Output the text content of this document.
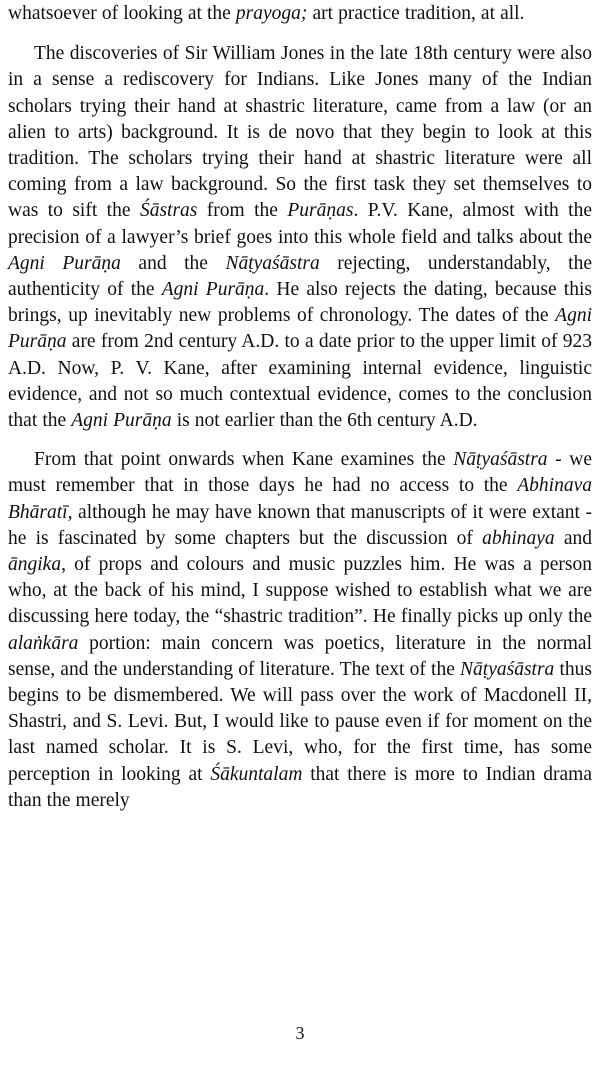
whatsoever of looking at the prayoga; art practice tradition, at all.

The discoveries of Sir William Jones in the late 18th century were also in a sense a rediscovery for Indians. Like Jones many of the Indian scholars trying their hand at shastric literature, came from a law (or an alien to arts) background. It is de novo that they begin to look at this tradition. The scholars trying their hand at shastric literature were all coming from a law background. So the first task they set themselves to was to sift the Śāstras from the Purāṇas. P.V. Kane, almost with the precision of a lawyer’s brief goes into this whole field and talks about the Agni Purāṇa and the Nāṭyaśāstra rejecting, understandably, the authenticity of the Agni Purāṇa. He also rejects the dating, because this brings, up inevitably new problems of chronology. The dates of the Agni Purāṇa are from 2nd century A.D. to a date prior to the upper limit of 923 A.D. Now, P. V. Kane, after examining internal evidence, linguistic evidence, and not so much contextual evidence, comes to the conclusion that the Agni Purāṇa is not earlier than the 6th century A.D.

From that point onwards when Kane examines the Nāṭyaśāstra - we must remember that in those days he had no access to the Abhinava Bhāratī, although he may have known that manuscripts of it were extant - he is fascinated by some chapters but the discussion of abhinaya and āngika, of props and colours and music puzzles him. He was a person who, at the back of his mind, I suppose wished to establish what we are discussing here today, the “shastric tradition”. He finally picks up only the alaṅkāra portion: main concern was poetics, literature in the normal sense, and the understanding of literature. The text of the Nāṭyaśāstra thus begins to be dismembered. We will pass over the work of Macdonell II, Shastri, and S. Levi. But, I would like to pause even if for moment on the last named scholar. It is S. Levi, who, for the first time, has some perception in looking at Śākuntalam that there is more to Indian drama than the merely

3
